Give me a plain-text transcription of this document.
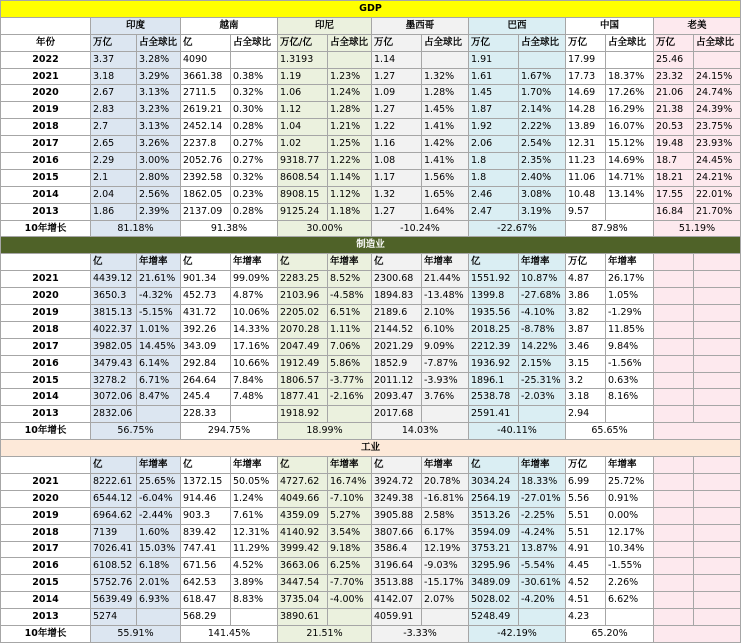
GDP														
	印度		越南		印尼		墨西哥		巴西		中国		老美	
年份	万亿	占全球比	亿	占全球比	万亿/亿	占全球比	万亿	占全球比	万亿	占全球比	万亿	占全球比	万亿	占全球比
2022	3.37	3.28%	4090		1.3193		1.14		1.91		17.99		25.46	
2021	3.18	3.29%	3661.38	0.38%	1.19	1.23%	1.27	1.32%	1.61	1.67%	17.73	18.37%	23.32	24.15%
2020	2.67	3.13%	2711.5	0.32%	1.06	1.24%	1.09	1.28%	1.45	1.70%	14.69	17.26%	21.06	24.74%
2019	2.83	3.23%	2619.21	0.30%	1.12	1.28%	1.27	1.45%	1.87	2.14%	14.28	16.29%	21.38	24.39%
2018	2.7	3.13%	2452.14	0.28%	1.04	1.21%	1.22	1.41%	1.92	2.22%	13.89	16.07%	20.53	23.75%
2017	2.65	3.26%	2237.8	0.27%	1.02	1.25%	1.16	1.42%	2.06	2.54%	12.31	15.12%	19.48	23.93%
2016	2.29	3.00%	2052.76	0.27%	9318.77	1.22%	1.08	1.41%	1.8	2.35%	11.23	14.69%	18.7	24.45%
2015	2.1	2.80%	2392.58	0.32%	8608.54	1.14%	1.17	1.56%	1.8	2.40%	11.06	14.71%	18.21	24.21%
2014	2.04	2.56%	1862.05	0.23%	8908.15	1.12%	1.32	1.65%	2.46	3.08%	10.48	13.14%	17.55	22.01%
2013	1.86	2.39%	2137.09	0.28%	9125.24	1.18%	1.27	1.64%	2.47	3.19%	9.57		16.84	21.70%
10年增长	81.18%		91.38%		30.00%		-10.24%		-22.67%		87.98%		51.19%	
制造业														
	亿	年增率	亿	年增率	亿	年增率	亿	年增率	亿	年增率	万亿	年增率		
2021	4439.12	21.61%	901.34	99.09%	2283.25	8.52%	2300.68	21.44%	1551.92	10.87%	4.87	26.17%		
2020	3650.3	-4.32%	452.73	4.87%	2103.96	-4.58%	1894.83	-13.48%	1399.8	-27.68%	3.86	1.05%		
2019	3815.13	-5.15%	431.72	10.06%	2205.02	6.51%	2189.6	2.10%	1935.56	-4.10%	3.82	-1.29%		
2018	4022.37	1.01%	392.26	14.33%	2070.28	1.11%	2144.52	6.10%	2018.25	-8.78%	3.87	11.85%		
2017	3982.05	14.45%	343.09	17.16%	2047.49	7.06%	2021.29	9.09%	2212.39	14.22%	3.46	9.84%		
2016	3479.43	6.14%	292.84	10.66%	1912.49	5.86%	1852.9	-7.87%	1936.92	2.15%	3.15	-1.56%		
2015	3278.2	6.71%	264.64	7.84%	1806.57	-3.77%	2011.12	-3.93%	1896.1	-25.31%	3.2	0.63%		
2014	3072.06	8.47%	245.4	7.48%	1877.41	-2.16%	2093.47	3.76%	2538.78	-2.03%	3.18	8.16%		
2013	2832.06		228.33		1918.92		2017.68		2591.41		2.94			
10年增长	56.75%		294.75%		18.99%		14.03%		-40.11%		65.65%			
工业														
	亿	年增率	亿	年增率	亿	年增率	亿	年增率	亿	年增率	万亿	年增率		
2021	8222.61	25.65%	1372.15	50.05%	4727.62	16.74%	3924.72	20.78%	3034.24	18.33%	6.99	25.72%		
2020	6544.12	-6.04%	914.46	1.24%	4049.66	-7.10%	3249.38	-16.81%	2564.19	-27.01%	5.56	0.91%		
2019	6964.62	-2.44%	903.3	7.61%	4359.09	5.27%	3905.88	2.58%	3513.26	-2.25%	5.51	0.00%		
2018	7139	1.60%	839.42	12.31%	4140.92	3.54%	3807.66	6.17%	3594.09	-4.24%	5.51	12.17%		
2017	7026.41	15.03%	747.41	11.29%	3999.42	9.18%	3586.4	12.19%	3753.21	13.87%	4.91	10.34%		
2016	6108.52	6.18%	671.56	4.52%	3663.06	6.25%	3196.64	-9.03%	3295.96	-5.54%	4.45	-1.55%		
2015	5752.76	2.01%	642.53	3.89%	3447.54	-7.70%	3513.88	-15.17%	3489.09	-30.61%	4.52	2.26%		
2014	5639.49	6.93%	618.47	8.83%	3735.04	-4.00%	4142.07	2.07%	5028.02	-4.20%	4.51	6.62%		
2013	5274		568.29		3890.61		4059.91		5248.49		4.23			
10年增长	55.91%		141.45%		21.51%		-3.33%		-42.19%		65.20%			
